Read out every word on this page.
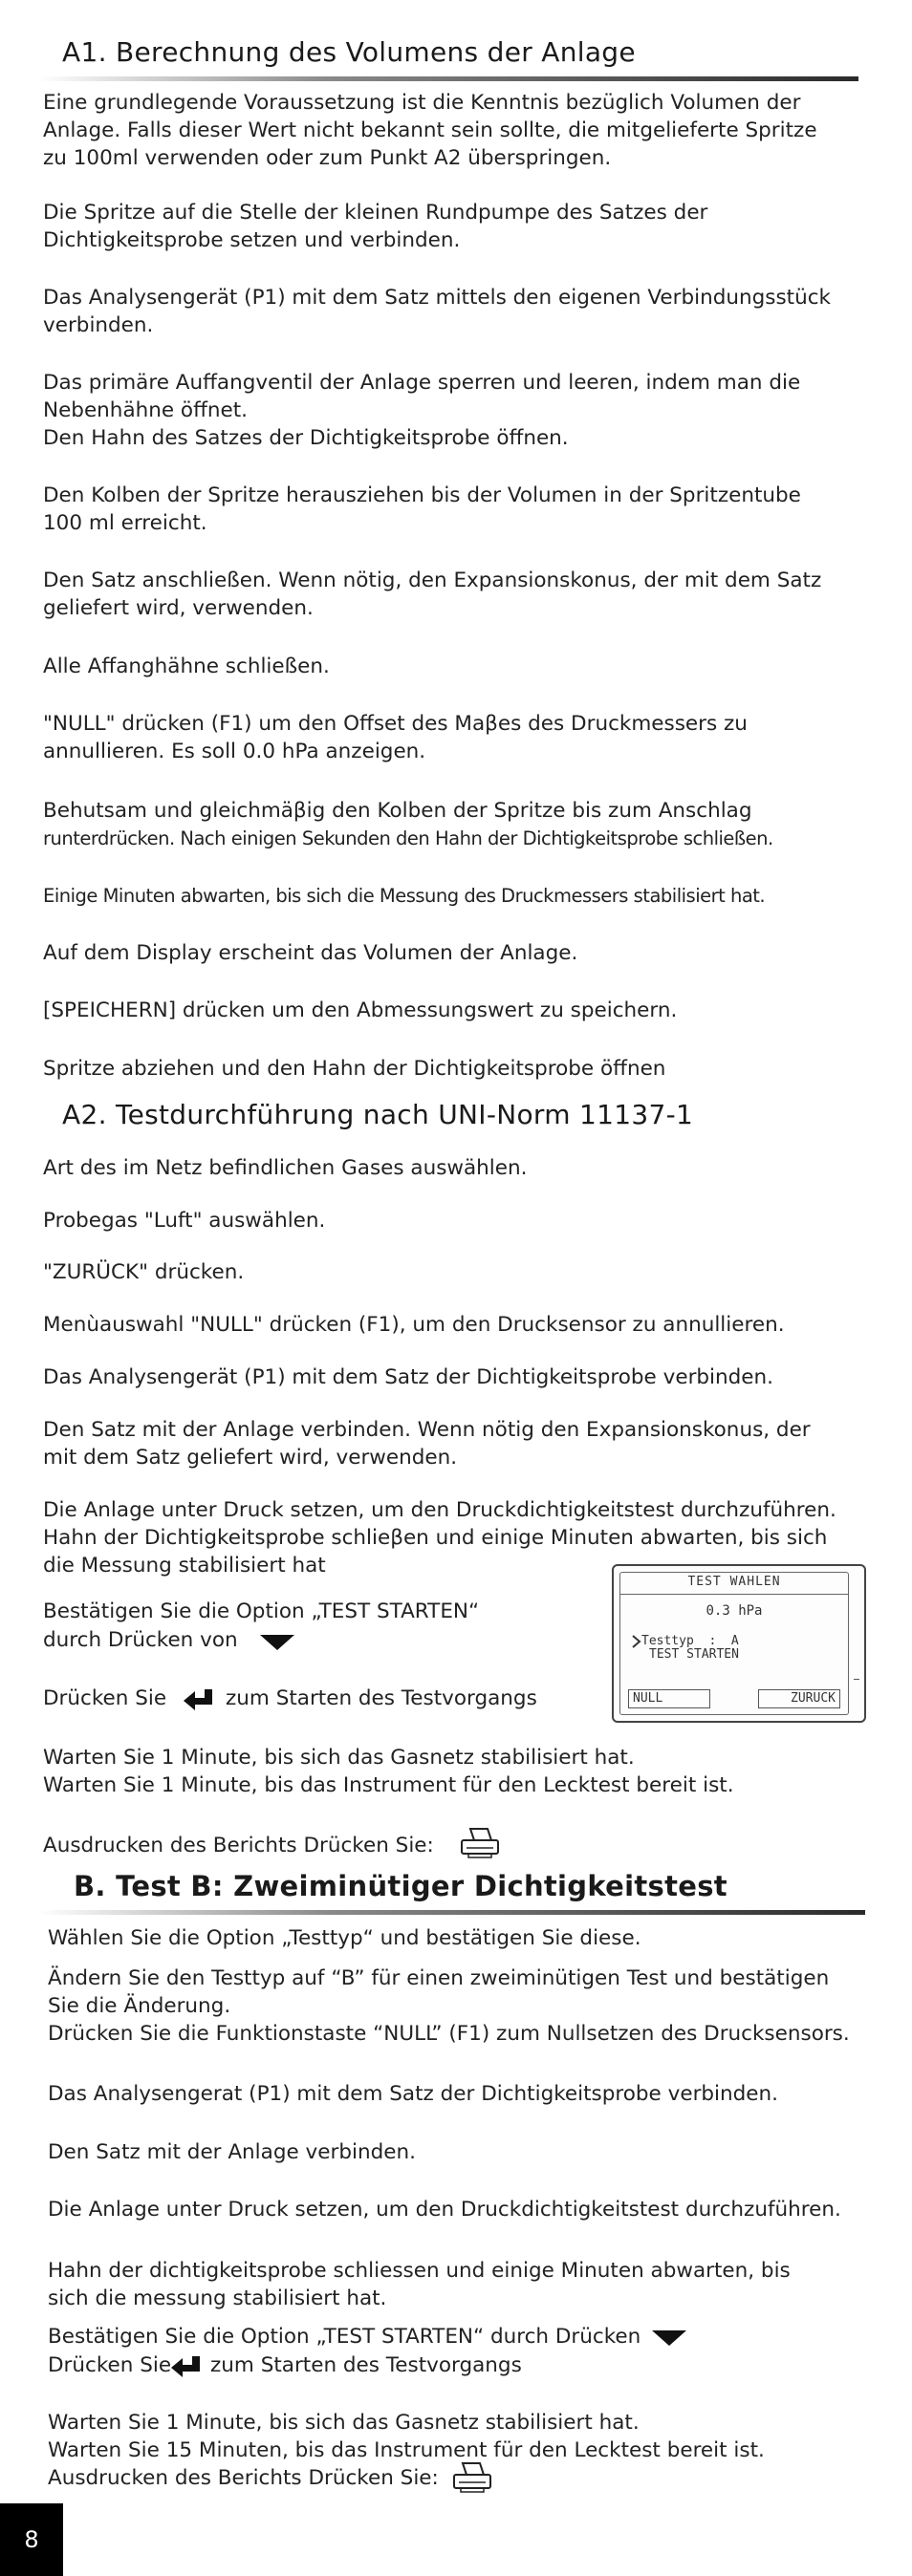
A1. Berechnung des Volumens der Anlage
Eine grundlegende Voraussetzung ist die Kenntnis bezüglich Volumen der
Anlage. Falls dieser Wert nicht bekannt sein sollte, die mitgelieferte Spritze
zu 100ml verwenden oder zum Punkt A2 überspringen.
Die Spritze auf die Stelle der kleinen Rundpumpe des Satzes der
Dichtigkeitsprobe setzen und verbinden.
Das Analysengerät (P1) mit dem Satz mittels den eigenen Verbindungsstück
verbinden.
Das primäre Auffangventil der Anlage sperren und leeren, indem man die
Nebenhähne öffnet.
Den Hahn des Satzes der Dichtigkeitsprobe öffnen.
Den Kolben der Spritze herausziehen bis der Volumen in der Spritzentube
100 ml erreicht.
Den Satz anschließen. Wenn nötig, den Expansionskonus, der mit dem Satz
geliefert wird, verwenden.
Alle Affanghähne schließen.
"NULL" drücken (F1) um den Offset des Maβes des Druckmessers zu
annullieren. Es soll 0.0 hPa anzeigen.
Behutsam und gleichmäβig den Kolben der Spritze bis zum Anschlag
runterdrücken. Nach einigen Sekunden den Hahn der Dichtigkeitsprobe schließen.
Einige Minuten abwarten, bis sich die Messung des Druckmessers stabilisiert hat.
Auf dem Display erscheint das Volumen der Anlage.
[SPEICHERN] drücken um den Abmessungswert zu speichern.
Spritze abziehen und den Hahn der Dichtigkeitsprobe öffnen
A2. Testdurchführung nach UNI-Norm 11137-1
Art des im Netz befindlichen Gases auswählen.
Probegas "Luft" auswählen.
"ZURÜCK" drücken.
Menùauswahl "NULL" drücken (F1), um den Drucksensor zu annullieren.
Das Analysengerät (P1) mit dem Satz der Dichtigkeitsprobe verbinden.
Den Satz mit der Anlage verbinden. Wenn nötig den Expansionskonus, der
mit dem Satz geliefert wird, verwenden.
Die Anlage unter Druck setzen, um den Druckdichtigkeitstest durchzuführen.
Hahn der Dichtigkeitsprobe schlieβen und einige Minuten abwarten, bis sich
die Messung stabilisiert hat
Bestätigen Sie die Option „TEST STARTEN“
durch Drücken von
Drücken Sie	zum Starten des Testvorgangs
TEST WAHLEN
0.3 hPa
Testtyp  :  A
TEST STARTEN
NULL	ZURUCK
Warten Sie 1 Minute, bis sich das Gasnetz stabilisiert hat.
Warten Sie 1 Minute, bis das Instrument für den Lecktest bereit ist.
Ausdrucken des Berichts Drücken Sie:
B. Test B: Zweiminütiger Dichtigkeitstest
Wählen Sie die Option „Testtyp“ und bestätigen Sie diese.
Ändern Sie den Testtyp auf “B” für einen zweiminütigen Test und bestätigen
Sie die Änderung.
Drücken Sie die Funktionstaste “NULL” (F1) zum Nullsetzen des Drucksensors.
Das Analysengerat (P1) mit dem Satz der Dichtigkeitsprobe verbinden.
Den Satz mit der Anlage verbinden.
Die Anlage unter Druck setzen, um den Druckdichtigkeitstest durchzuführen.
Hahn der dichtigkeitsprobe schliessen und einige Minuten abwarten, bis
sich die messung stabilisiert hat.
Bestätigen Sie die Option „TEST STARTEN“ durch Drücken
Drücken Sie zum Starten des Testvorgangs
Warten Sie 1 Minute, bis sich das Gasnetz stabilisiert hat.
Warten Sie 15 Minuten, bis das Instrument für den Lecktest bereit ist.
Ausdrucken des Berichts Drücken Sie:
8
